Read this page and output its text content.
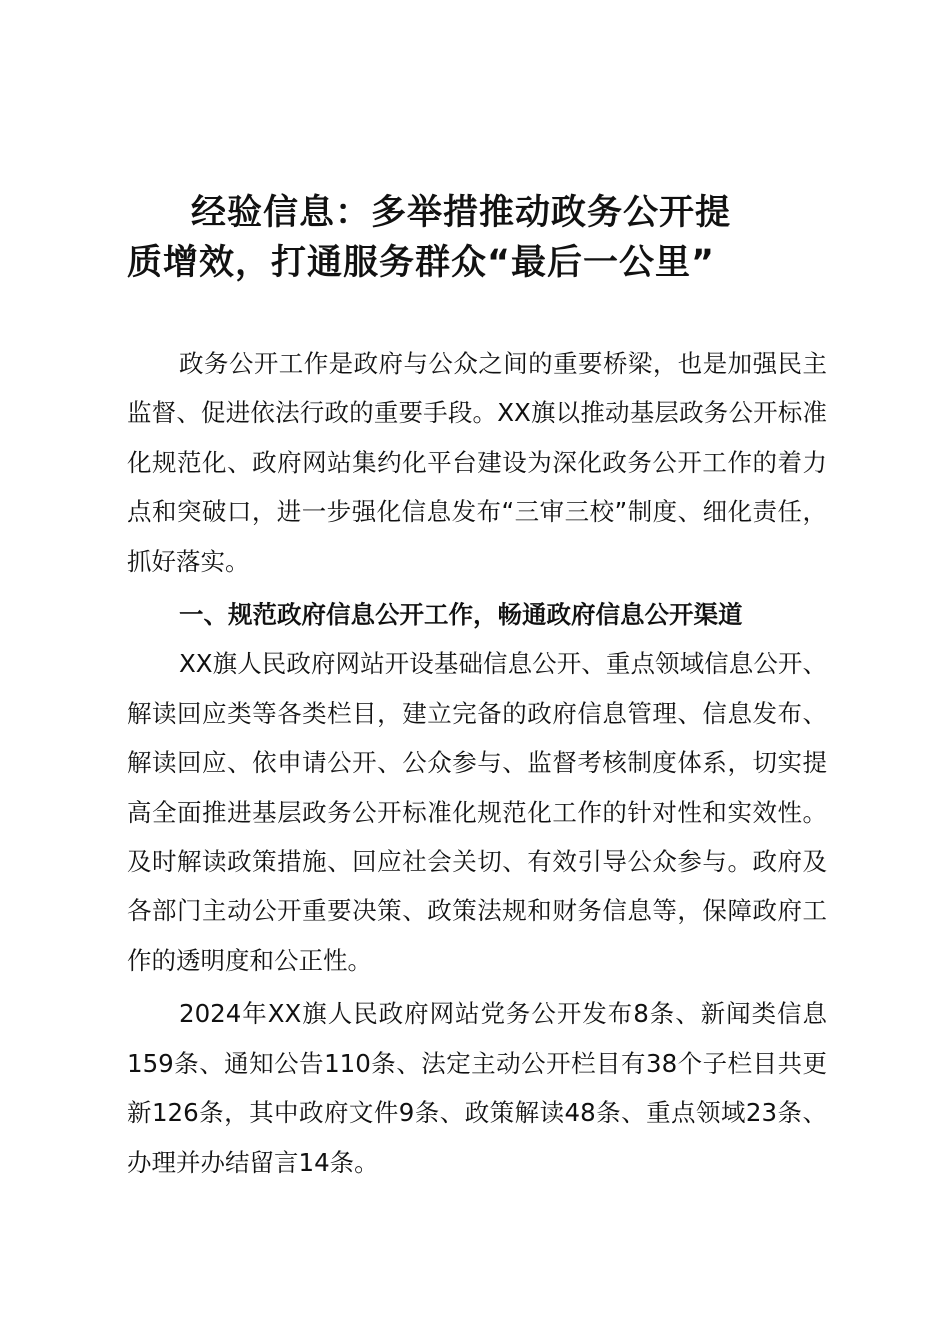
经验信息：多举措推动政务公开提
质增效，打通服务群众“最后一公里”

政务公开工作是政府与公众之间的重要桥梁，也是加强民主监督、促进依法行政的重要手段。XX旗以推动基层政务公开标准化规范化、政府网站集约化平台建设为深化政务公开工作的着力点和突破口，进一步强化信息发布“三审三校”制度、细化责任，抓好落实。

一、规范政府信息公开工作，畅通政府信息公开渠道

XX旗人民政府网站开设基础信息公开、重点领域信息公开、解读回应类等各类栏目，建立完备的政府信息管理、信息发布、解读回应、依申请公开、公众参与、监督考核制度体系，切实提高全面推进基层政务公开标准化规范化工作的针对性和实效性。及时解读政策措施、回应社会关切、有效引导公众参与。政府及各部门主动公开重要决策、政策法规和财务信息等，保障政府工作的透明度和公正性。

2024年XX旗人民政府网站党务公开发布8条、新闻类信息159条、通知公告110条、法定主动公开栏目有38个子栏目共更新126条，其中政府文件9条、政策解读48条、重点领域23条、办理并办结留言14条。
